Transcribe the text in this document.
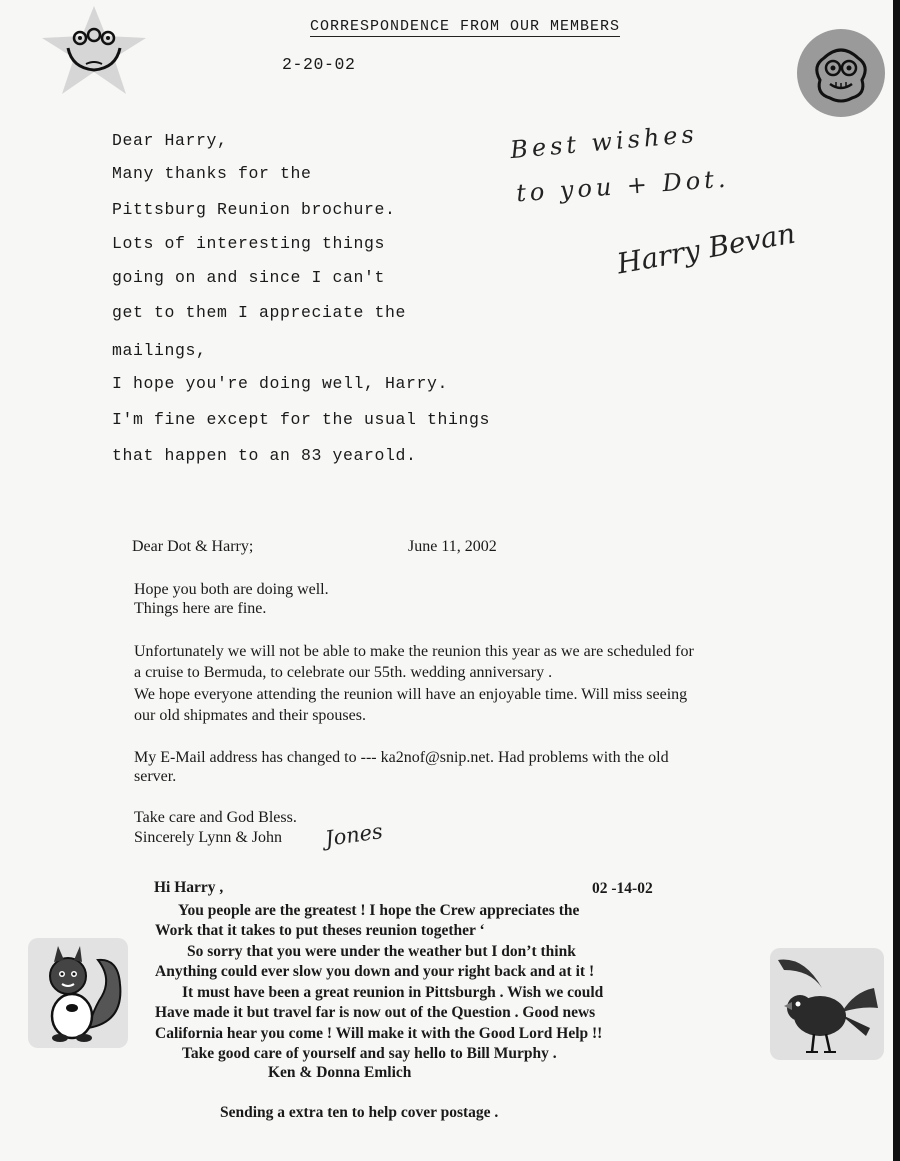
CORRESPONDENCE FROM OUR MEMBERS
2-20-02
Dear Harry,
Many thanks for the
Pittsburg Reunion brochure.
Lots of interesting things
going on and since I can't
get to them I appreciate the
mailings,
I hope you're doing well, Harry.
I'm fine except for the usual things
that happen to an 83 yearold.
Best wishes
to you + Dot.
Harry Bevan
Dear Dot & Harry;	June 11, 2002
Hope you both are doing well.
Things here are fine.
Unfortunately we will not be able to make the reunion this year as we are scheduled for
a cruise to Bermuda, to celebrate our 55th. wedding anniversary .
We hope everyone attending the reunion will have an enjoyable time. Will miss seeing
our old shipmates and their spouses.
My E-Mail address has changed to --- ka2nof@snip.net. Had problems with the old
server.
Take care and God Bless.
Sincerely Lynn & John Jones
Hi Harry ,	02 -14-02
You people are the greatest ! I hope the Crew appreciates the
Work that it takes to put theses reunion together ‘
So sorry that you were under the weather but I don’t think
Anything could ever slow you down and your right back and at it !
It must have been a great reunion in Pittsburgh . Wish we could
Have made it but travel far is now out of the Question . Good news
California hear you come ! Will make it with the Good Lord Help !!
Take good care of yourself and say hello to Bill Murphy .
Ken & Donna Emlich
Sending a extra ten to help cover postage .
